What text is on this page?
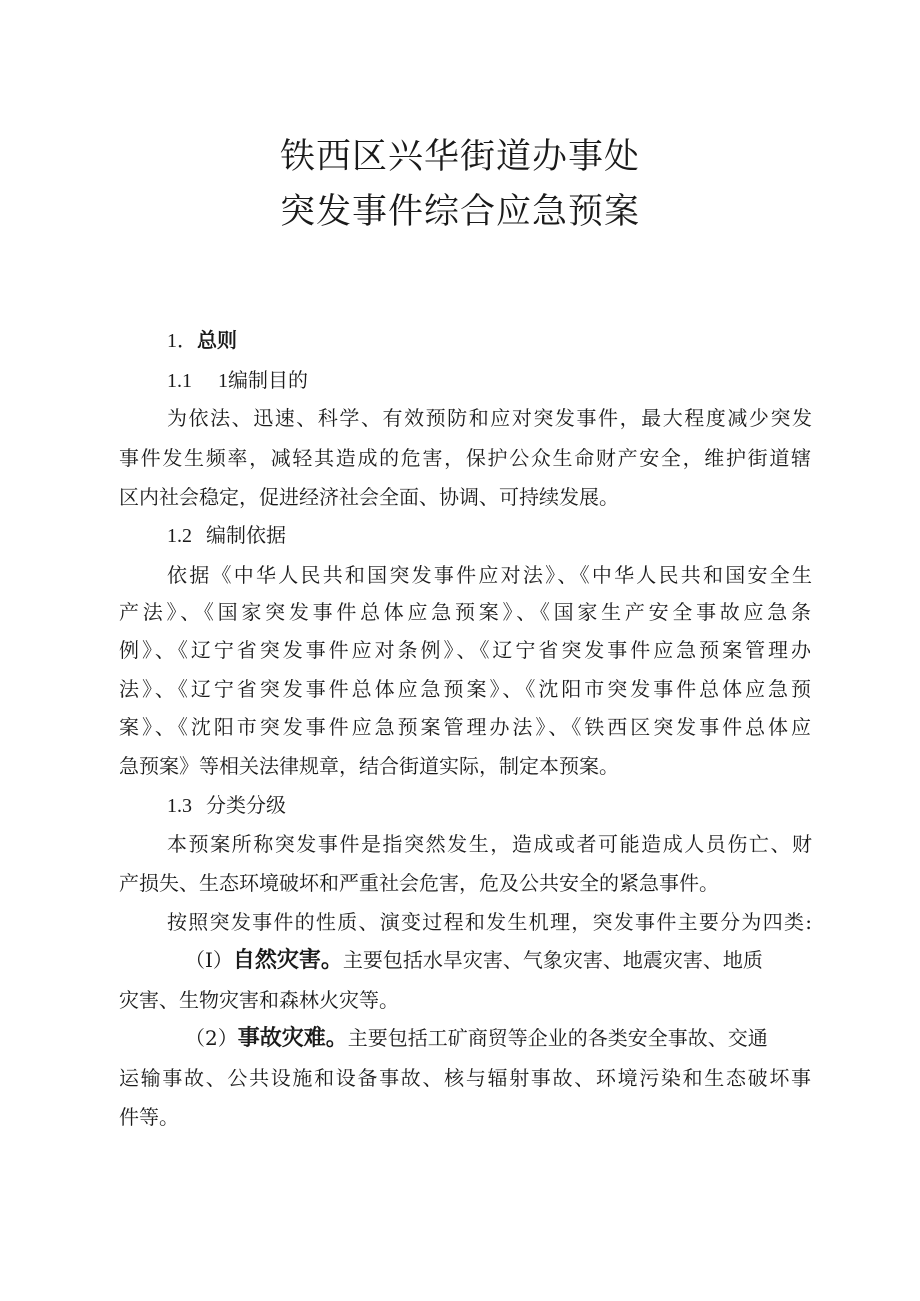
铁西区兴华街道办事处
突发事件综合应急预案
1．总则
1.1 1编制目的
为依法、迅速、科学、有效预防和应对突发事件，最大程度减少突发
事件发生频率，减轻其造成的危害，保护公众生命财产安全，维护街道辖
区内社会稳定，促进经济社会全面、协调、可持续发展。
1.2 编制依据
依据《中华人民共和国突发事件应对法》、《中华人民共和国安全生
产法》、《国家突发事件总体应急预案》、《国家生产安全事故应急条
例》、《辽宁省突发事件应对条例》、《辽宁省突发事件应急预案管理办
法》、《辽宁省突发事件总体应急预案》、《沈阳市突发事件总体应急预
案》、《沈阳市突发事件应急预案管理办法》、《铁西区突发事件总体应
急预案》等相关法律规章，结合街道实际，制定本预案。
1.3 分类分级
本预案所称突发事件是指突然发生，造成或者可能造成人员伤亡、财
产损失、生态环境破坏和严重社会危害，危及公共安全的紧急事件。
按照突发事件的性质、演变过程和发生机理，突发事件主要分为四类:
（I）自然灾害。主要包括水旱灾害、气象灾害、地震灾害、地质
灾害、生物灾害和森林火灾等。
（2）事故灾难。主要包括工矿商贸等企业的各类安全事故、交通
运输事故、公共设施和设备事故、核与辐射事故、环境污染和生态破坏事
件等。
